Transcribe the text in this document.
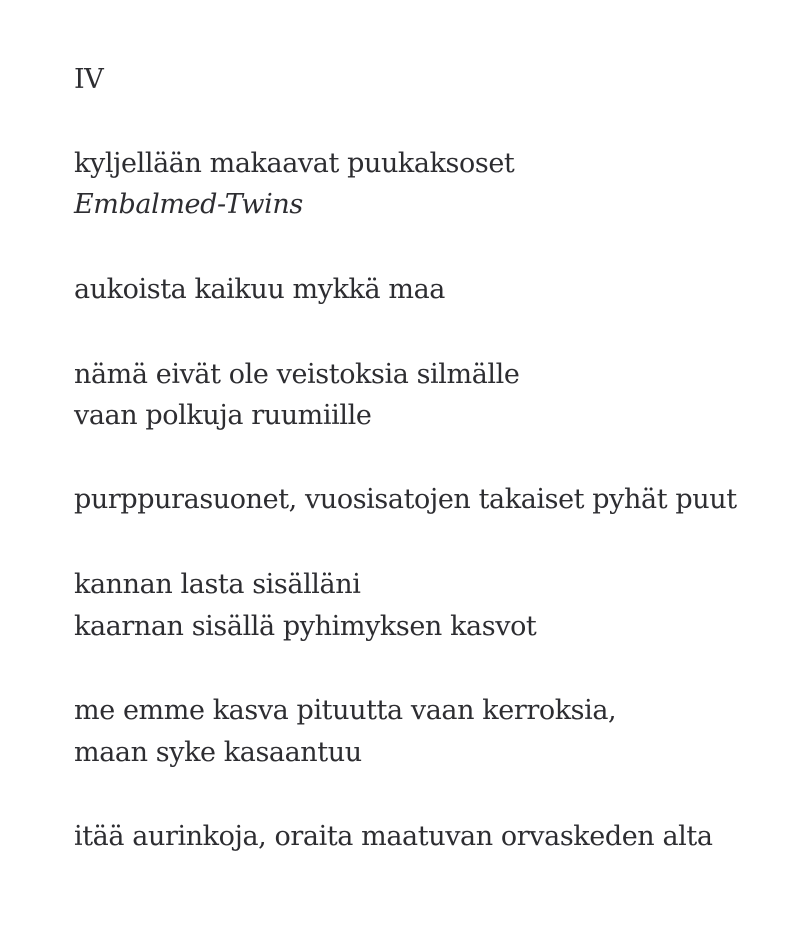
IV
kyljellään makaavat puukaksoset
Embalmed-Twins
aukoista kaikuu mykkä maa
nämä eivät ole veistoksia silmälle
vaan polkuja ruumiille
purppurasuonet, vuosisatojen takaiset pyhät puut
kannan lasta sisälläni
kaarnan sisällä pyhimyksen kasvot
me emme kasva pituutta vaan kerroksia,
maan syke kasaantuu
itää aurinkoja, oraita maatuvan orvaskeden alta
